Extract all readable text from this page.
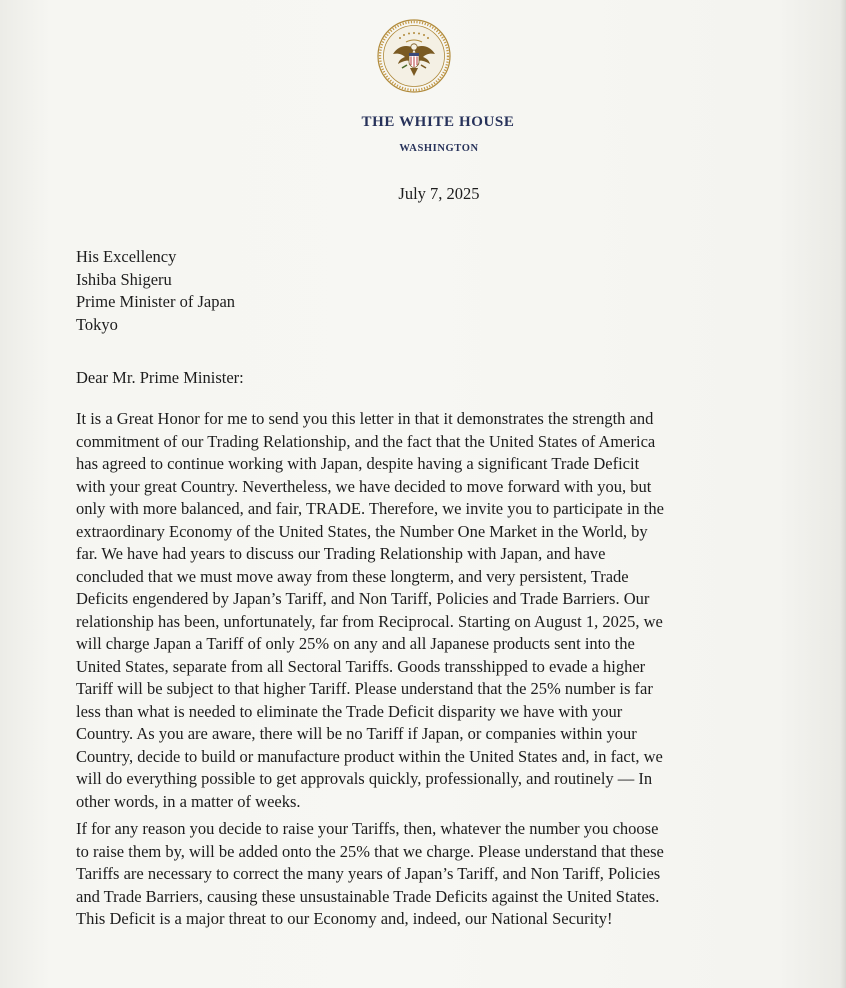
THE WHITE HOUSE
WASHINGTON
July 7, 2025
His Excellency
Ishiba Shigeru
Prime Minister of Japan
Tokyo
Dear Mr. Prime Minister:
It is a Great Honor for me to send you this letter in that it demonstrates the strength and
commitment of our Trading Relationship, and the fact that the United States of America
has agreed to continue working with Japan, despite having a significant Trade Deficit
with your great Country. Nevertheless, we have decided to move forward with you, but
only with more balanced, and fair, TRADE. Therefore, we invite you to participate in the
extraordinary Economy of the United States, the Number One Market in the World, by
far. We have had years to discuss our Trading Relationship with Japan, and have
concluded that we must move away from these longterm, and very persistent, Trade
Deficits engendered by Japan’s Tariff, and Non Tariff, Policies and Trade Barriers. Our
relationship has been, unfortunately, far from Reciprocal. Starting on August 1, 2025, we
will charge Japan a Tariff of only 25% on any and all Japanese products sent into the
United States, separate from all Sectoral Tariffs. Goods transshipped to evade a higher
Tariff will be subject to that higher Tariff. Please understand that the 25% number is far
less than what is needed to eliminate the Trade Deficit disparity we have with your
Country. As you are aware, there will be no Tariff if Japan, or companies within your
Country, decide to build or manufacture product within the United States and, in fact, we
will do everything possible to get approvals quickly, professionally, and routinely — In
other words, in a matter of weeks.
If for any reason you decide to raise your Tariffs, then, whatever the number you choose
to raise them by, will be added onto the 25% that we charge. Please understand that these
Tariffs are necessary to correct the many years of Japan’s Tariff, and Non Tariff, Policies
and Trade Barriers, causing these unsustainable Trade Deficits against the United States.
This Deficit is a major threat to our Economy and, indeed, our National Security!
